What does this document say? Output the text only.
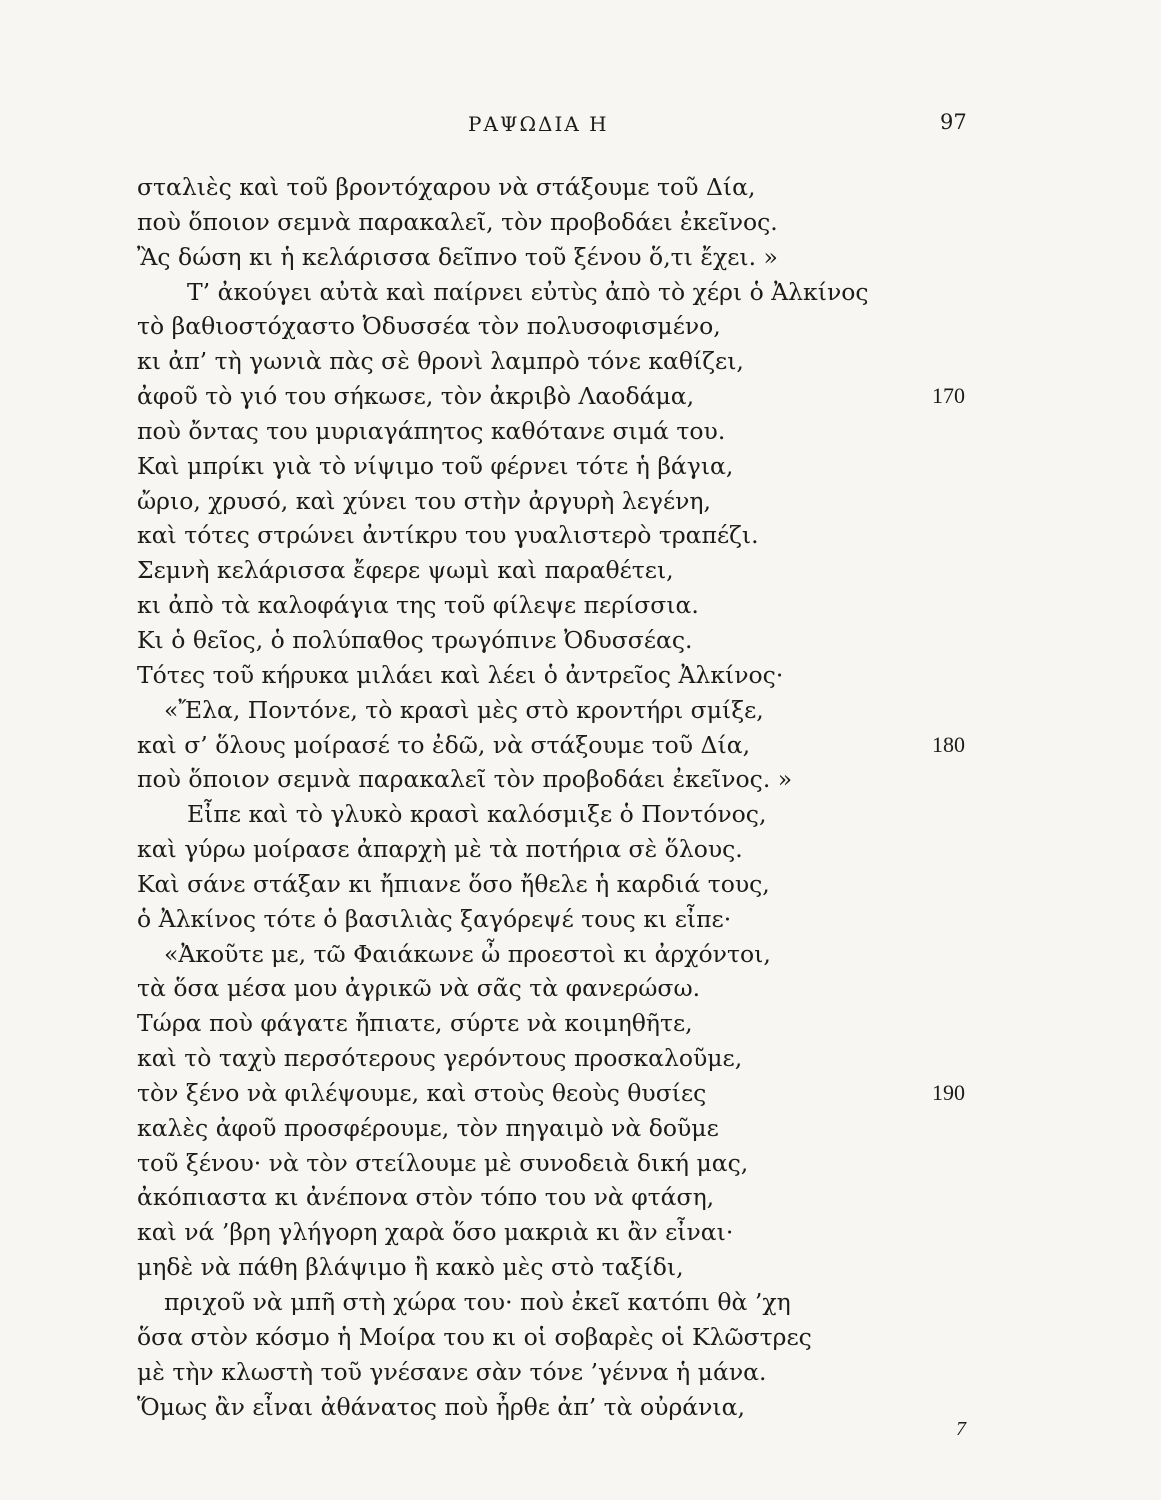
ΡΑΨΩΔΙΑ Η	97
σταλιὲς καὶ τοῦ βροντόχαρου νὰ στάξουμε τοῦ Δία,
ποὺ ὅποιον σεμνὰ παρακαλεῖ, τὸν προβοδάει ἐκεῖνος.
Ἂς δώση κι ἡ κελάρισσα δεῖπνο τοῦ ξένου ὅ,τι ἔχει. »
Τ’ ἀκούγει αὐτὰ καὶ παίρνει εὐτὺς ἀπὸ τὸ χέρι ὁ Ἀλκίνος
τὸ βαθιοστόχαστο Ὀδυσσέα τὸν πολυσοφισμένο,
κι ἀπ’ τὴ γωνιὰ πὰς σὲ θρονὶ λαμπρὸ τόνε καθίζει,
ἀφοῦ τὸ γιό του σήκωσε, τὸν ἀκριβὸ Λαοδάμα,	170
ποὺ ὄντας του μυριαγάπητος καθότανε σιμά του.
Καὶ μπρίκι γιὰ τὸ νίψιμο τοῦ φέρνει τότε ἡ βάγια,
ὤριο, χρυσό, καὶ χύνει του στὴν ἀργυρὴ λεγένη,
καὶ τότες στρώνει ἀντίκρυ του γυαλιστερὸ τραπέζι.
Σεμνὴ κελάρισσα ἔφερε ψωμὶ καὶ παραθέτει,
κι ἀπὸ τὰ καλοφάγια της τοῦ φίλεψε περίσσια.
Κι ὁ θεῖος, ὁ πολύπαθος τρωγόπινε Ὀδυσσέας.
Τότες τοῦ κήρυκα μιλάει καὶ λέει ὁ ἀντρεῖος Ἀλκίνος·
«Ἔλα, Ποντόνε, τὸ κρασὶ μὲς στὸ κροντήρι σμίξε,
καὶ σ’ ὅλους μοίρασέ το ἐδῶ, νὰ στάξουμε τοῦ Δία,	180
ποὺ ὅποιον σεμνὰ παρακαλεῖ τὸν προβοδάει ἐκεῖνος. »
Εἶπε καὶ τὸ γλυκὸ κρασὶ καλόσμιξε ὁ Ποντόνος,
καὶ γύρω μοίρασε ἀπαρχὴ μὲ τὰ ποτήρια σὲ ὅλους.
Καὶ σάνε στάξαν κι ἤπιανε ὅσο ἤθελε ἡ καρδιά τους,
ὁ Ἀλκίνος τότε ὁ βασιλιὰς ξαγόρεψέ τους κι εἶπε·
«Ἀκοῦτε με, τῶ Φαιάκωνε ὦ προεστοὶ κι ἀρχόντοι,
τὰ ὅσα μέσα μου ἀγρικῶ νὰ σᾶς τὰ φανερώσω.
Τώρα ποὺ φάγατε ἤπιατε, σύρτε νὰ κοιμηθῆτε,
καὶ τὸ ταχὺ περσότερους γερόντους προσκαλοῦμε,
τὸν ξένο νὰ φιλέψουμε, καὶ στοὺς θεοὺς θυσίες	190
καλὲς ἀφοῦ προσφέρουμε, τὸν πηγαιμὸ νὰ δοῦμε
τοῦ ξένου· νὰ τὸν στείλουμε μὲ συνοδειὰ δική μας,
ἀκόπιαστα κι ἀνέπονα στὸν τόπο του νὰ φτάση,
καὶ νά ’βρη γλήγορη χαρὰ ὅσο μακριὰ κι ἂν εἶναι·
μηδὲ νὰ πάθη βλάψιμο ἢ κακὸ μὲς στὸ ταξίδι,
πριχοῦ νὰ μπῆ στὴ χώρα του· ποὺ ἐκεῖ κατόπι θὰ ’χη
ὅσα στὸν κόσμο ἡ Μοίρα του κι οἱ σοβαρὲς οἱ Κλῶστρες
μὲ τὴν κλωστὴ τοῦ γνέσανε σὰν τόνε ’γέννα ἡ μάνα.
Ὅμως ἂν εἶναι ἀθάνατος ποὺ ἦρθε ἀπ’ τὰ οὐράνια,
7
